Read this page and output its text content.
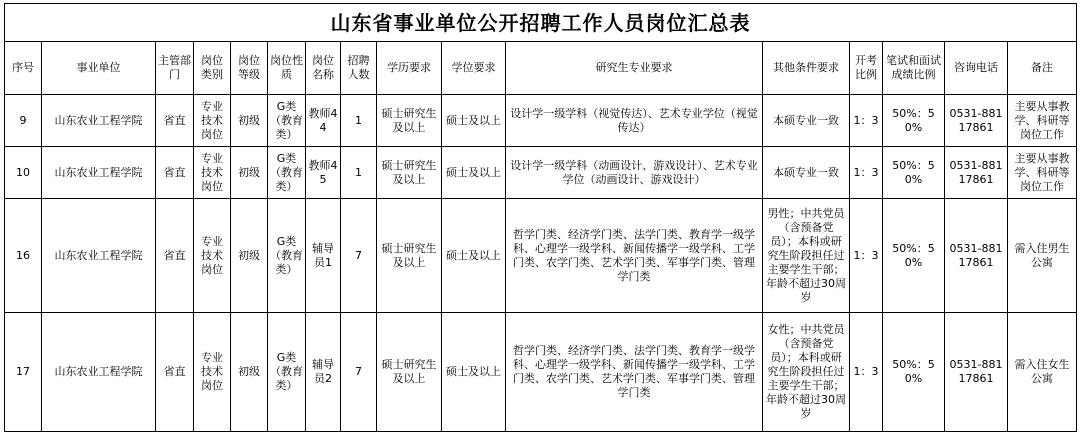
山东省事业单位公开招聘工作人员岗位汇总表															
序号	事业单位	主管部门	岗位类别	岗位等级	岗位性质	岗位名称	招聘人数	学历要求	学位要求	研究生专业要求	其他条件要求	开考比例	笔试和面试成绩比例	咨询电话	备注
9	山东农业工程学院	省直	专业技术岗位	初级	G类（教育类）	教师44	1	硕士研究生及以上	硕士及以上	设计学一级学科（视觉传达）、艺术专业学位（视觉传达）	本硕专业一致	1：3	50%：50%	0531-88117861	主要从事教学、科研等岗位工作
10	山东农业工程学院	省直	专业技术岗位	初级	G类（教育类）	教师45	1	硕士研究生及以上	硕士及以上	设计学一级学科（动画设计、游戏设计）、艺术专业学位（动画设计、游戏设计）	本硕专业一致	1：3	50%：50%	0531-88117861	主要从事教学、科研等岗位工作
16	山东农业工程学院	省直	专业技术岗位	初级	G类（教育类）	辅导员1	7	硕士研究生及以上	硕士及以上	哲学门类、经济学门类、法学门类、教育学一级学科、心理学一级学科、新闻传播学一级学科、工学门类、农学门类、艺术学门类、军事学门类、管理学门类	男性；中共党员（含预备党员）；本科或研究生阶段担任过主要学生干部；年龄不超过30周岁	1：3	50%：50%	0531-88117861	需入住男生公寓
17	山东农业工程学院	省直	专业技术岗位	初级	G类（教育类）	辅导员2	7	硕士研究生及以上	硕士及以上	哲学门类、经济学门类、法学门类、教育学一级学科、心理学一级学科、新闻传播学一级学科、工学门类、农学门类、艺术学门类、军事学门类、管理学门类	女性；中共党员（含预备党员）；本科或研究生阶段担任过主要学生干部；年龄不超过30周岁	1：3	50%：50%	0531-88117861	需入住女生公寓
